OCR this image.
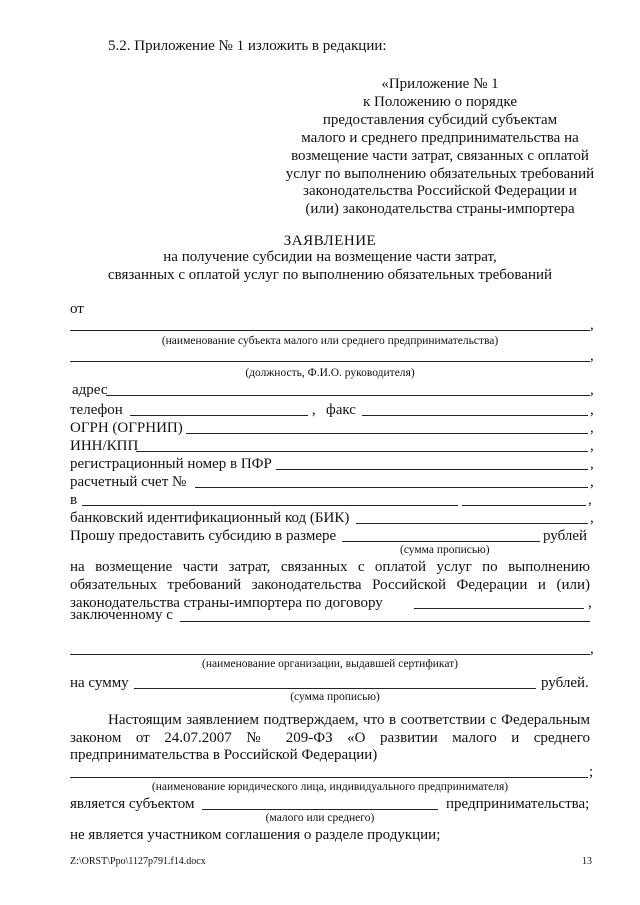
5.2. Приложение № 1 изложить в редакции:
«Приложение № 1
к Положению о порядке
предоставления субсидий субъектам
малого и среднего предпринимательства на
возмещение части затрат, связанных с оплатой
услуг по выполнению обязательных требований
законодательства Российской Федерации и
(или) законодательства страны-импортера
ЗАЯВЛЕНИЕ
на получение субсидии на возмещение части затрат,
связанных с оплатой услуг по выполнению обязательных требований
от
,
(наименование субъекта малого или среднего предпринимательства)
,
(должность, Ф.И.О. руководителя)
адрес	,
телефон	, факс	,
ОГРН (ОГРНИП)	,
ИНН/КПП	,
регистрационный номер в ПФР	,
расчетный счет №	,
в	,
банковский идентификационный код (БИК)	,
Прошу предоставить субсидию в размере	рублей
(сумма прописью)
на возмещение части затрат, связанных с оплатой услуг по выполнению
обязательных требований законодательства Российской Федерации и (или)
законодательства страны-импортера по договору	,
заключенному с
,
(наименование организации, выдавшей сертификат)
на сумму	рублей.
(сумма прописью)
Настоящим заявлением подтверждаем, что в соответствии с Федеральным
законом от 24.07.2007 № 209-ФЗ «О развитии малого и среднего
предпринимательства в Российской Федерации)
;
(наименование юридического лица, индивидуального предпринимателя)
является субъектом	предпринимательства;
(малого или среднего)
не является участником соглашения о разделе продукции;
Z:\ORST\Ppo\1127p791.f14.docx	13
